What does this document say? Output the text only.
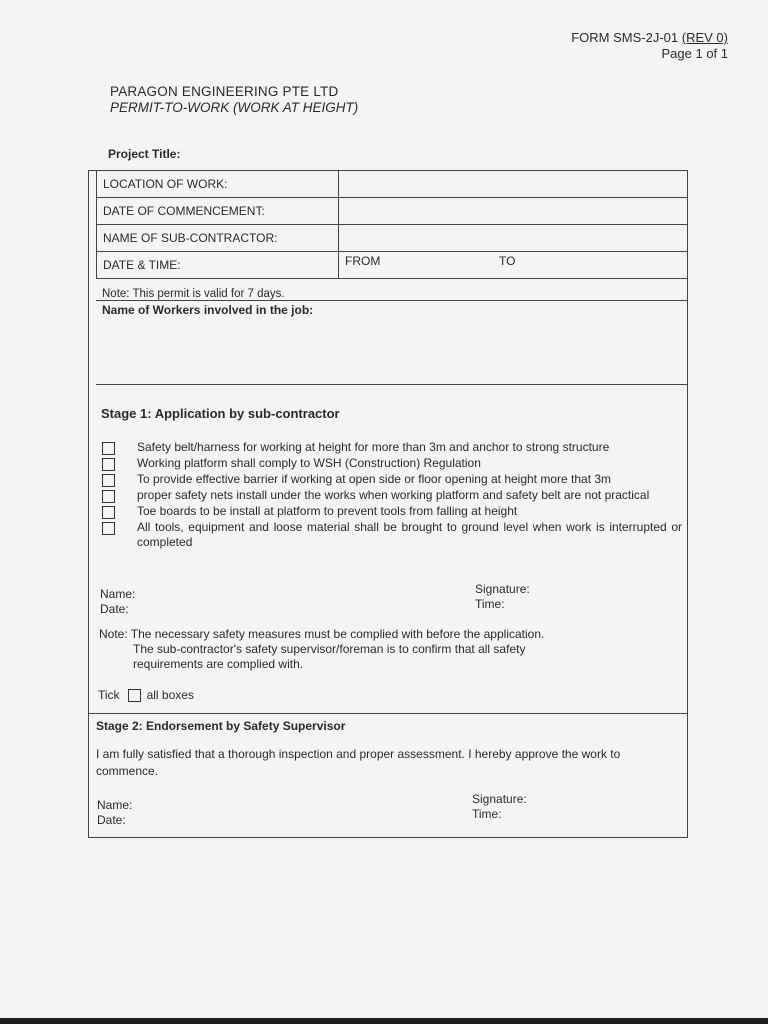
FORM SMS-2J-01 (REV 0)
Page 1 of 1
PARAGON ENGINEERING PTE LTD
PERMIT-TO-WORK (WORK AT HEIGHT)
Project Title:
LOCATION OF WORK:	
DATE OF COMMENCEMENT:	
NAME OF SUB-CONTRACTOR:	
DATE & TIME:	FROM TO
Note: This permit is valid for 7 days.
Name of Workers involved in the job:
Stage 1: Application by sub-contractor
Safety belt/harness for working at height for more than 3m and anchor to strong structure
Working platform shall comply to WSH (Construction) Regulation
To provide effective barrier if working at open side or floor opening at height more that 3m
proper safety nets install under the works when working platform and safety belt are not practical
Toe boards to be install at platform to prevent tools from falling at height
All tools, equipment and loose material shall be brought to ground level when work is interrupted or completed
Name:
Date:
Signature:
Time:
Note: The necessary safety measures must be complied with before the application.
The sub-contractor's safety supervisor/foreman is to confirm that all safety
requirements are complied with.
Tick all boxes
Stage 2: Endorsement by Safety Supervisor
I am fully satisfied that a thorough inspection and proper assessment. I hereby approve the work to commence.
Name:
Date:
Signature:
Time:
